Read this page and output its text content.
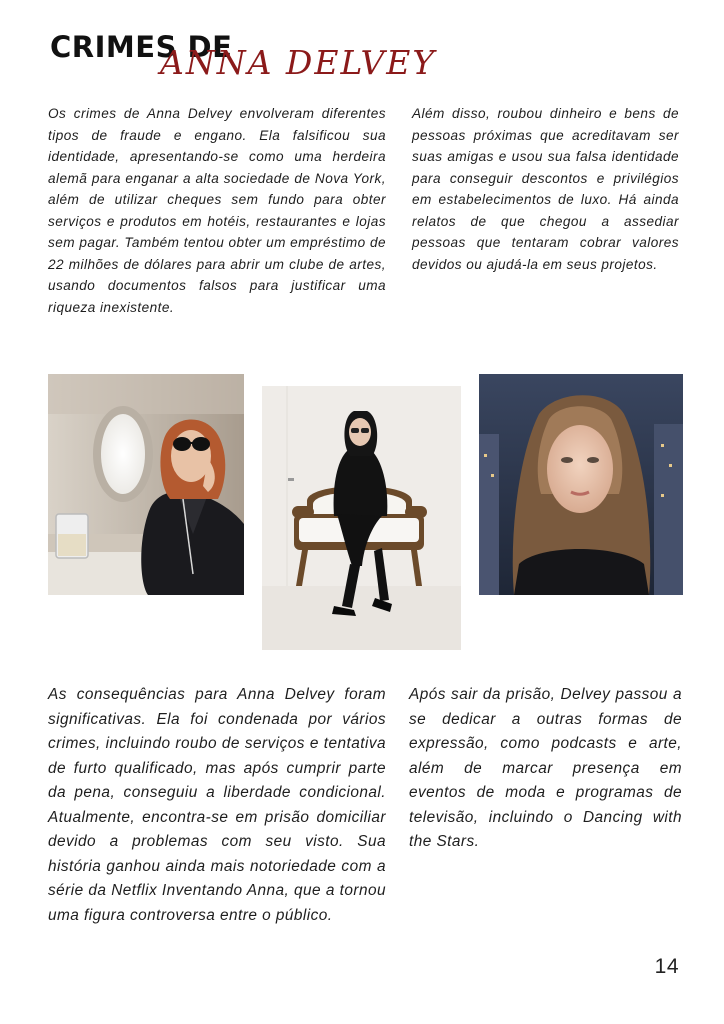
CRIMES DE
ANNA DELVEY

Os crimes de Anna Delvey envolveram diferentes tipos de fraude e engano. Ela falsificou sua identidade, apresentando-se como uma herdeira alemã para enganar a alta sociedade de Nova York, além de utilizar cheques sem fundo para obter serviços e produtos em hotéis, restaurantes e lojas sem pagar. Também tentou obter um empréstimo de 22 milhões de dólares para abrir um clube de artes, usando documentos falsos para justificar uma riqueza inexistente.

Além disso, roubou dinheiro e bens de pessoas próximas que acreditavam ser suas amigas e usou sua falsa identidade para conseguir descontos e privilégios em estabelecimentos de luxo. Há ainda relatos de que chegou a assediar pessoas que tentaram cobrar valores devidos ou ajudá-la em seus projetos.

As consequências para Anna Delvey foram significativas. Ela foi condenada por vários crimes, incluindo roubo de serviços e tentativa de furto qualificado, mas após cumprir parte da pena, conseguiu a liberdade condicional. Atualmente, encontra-se em prisão domiciliar devido a problemas com seu visto. Sua história ganhou ainda mais notoriedade com a série da Netflix Inventando Anna, que a tornou uma figura controversa entre o público.

Após sair da prisão, Delvey passou a se dedicar a outras formas de expressão, como podcasts e arte, além de marcar presença em eventos de moda e programas de televisão, incluindo o Dancing with the Stars.

14
